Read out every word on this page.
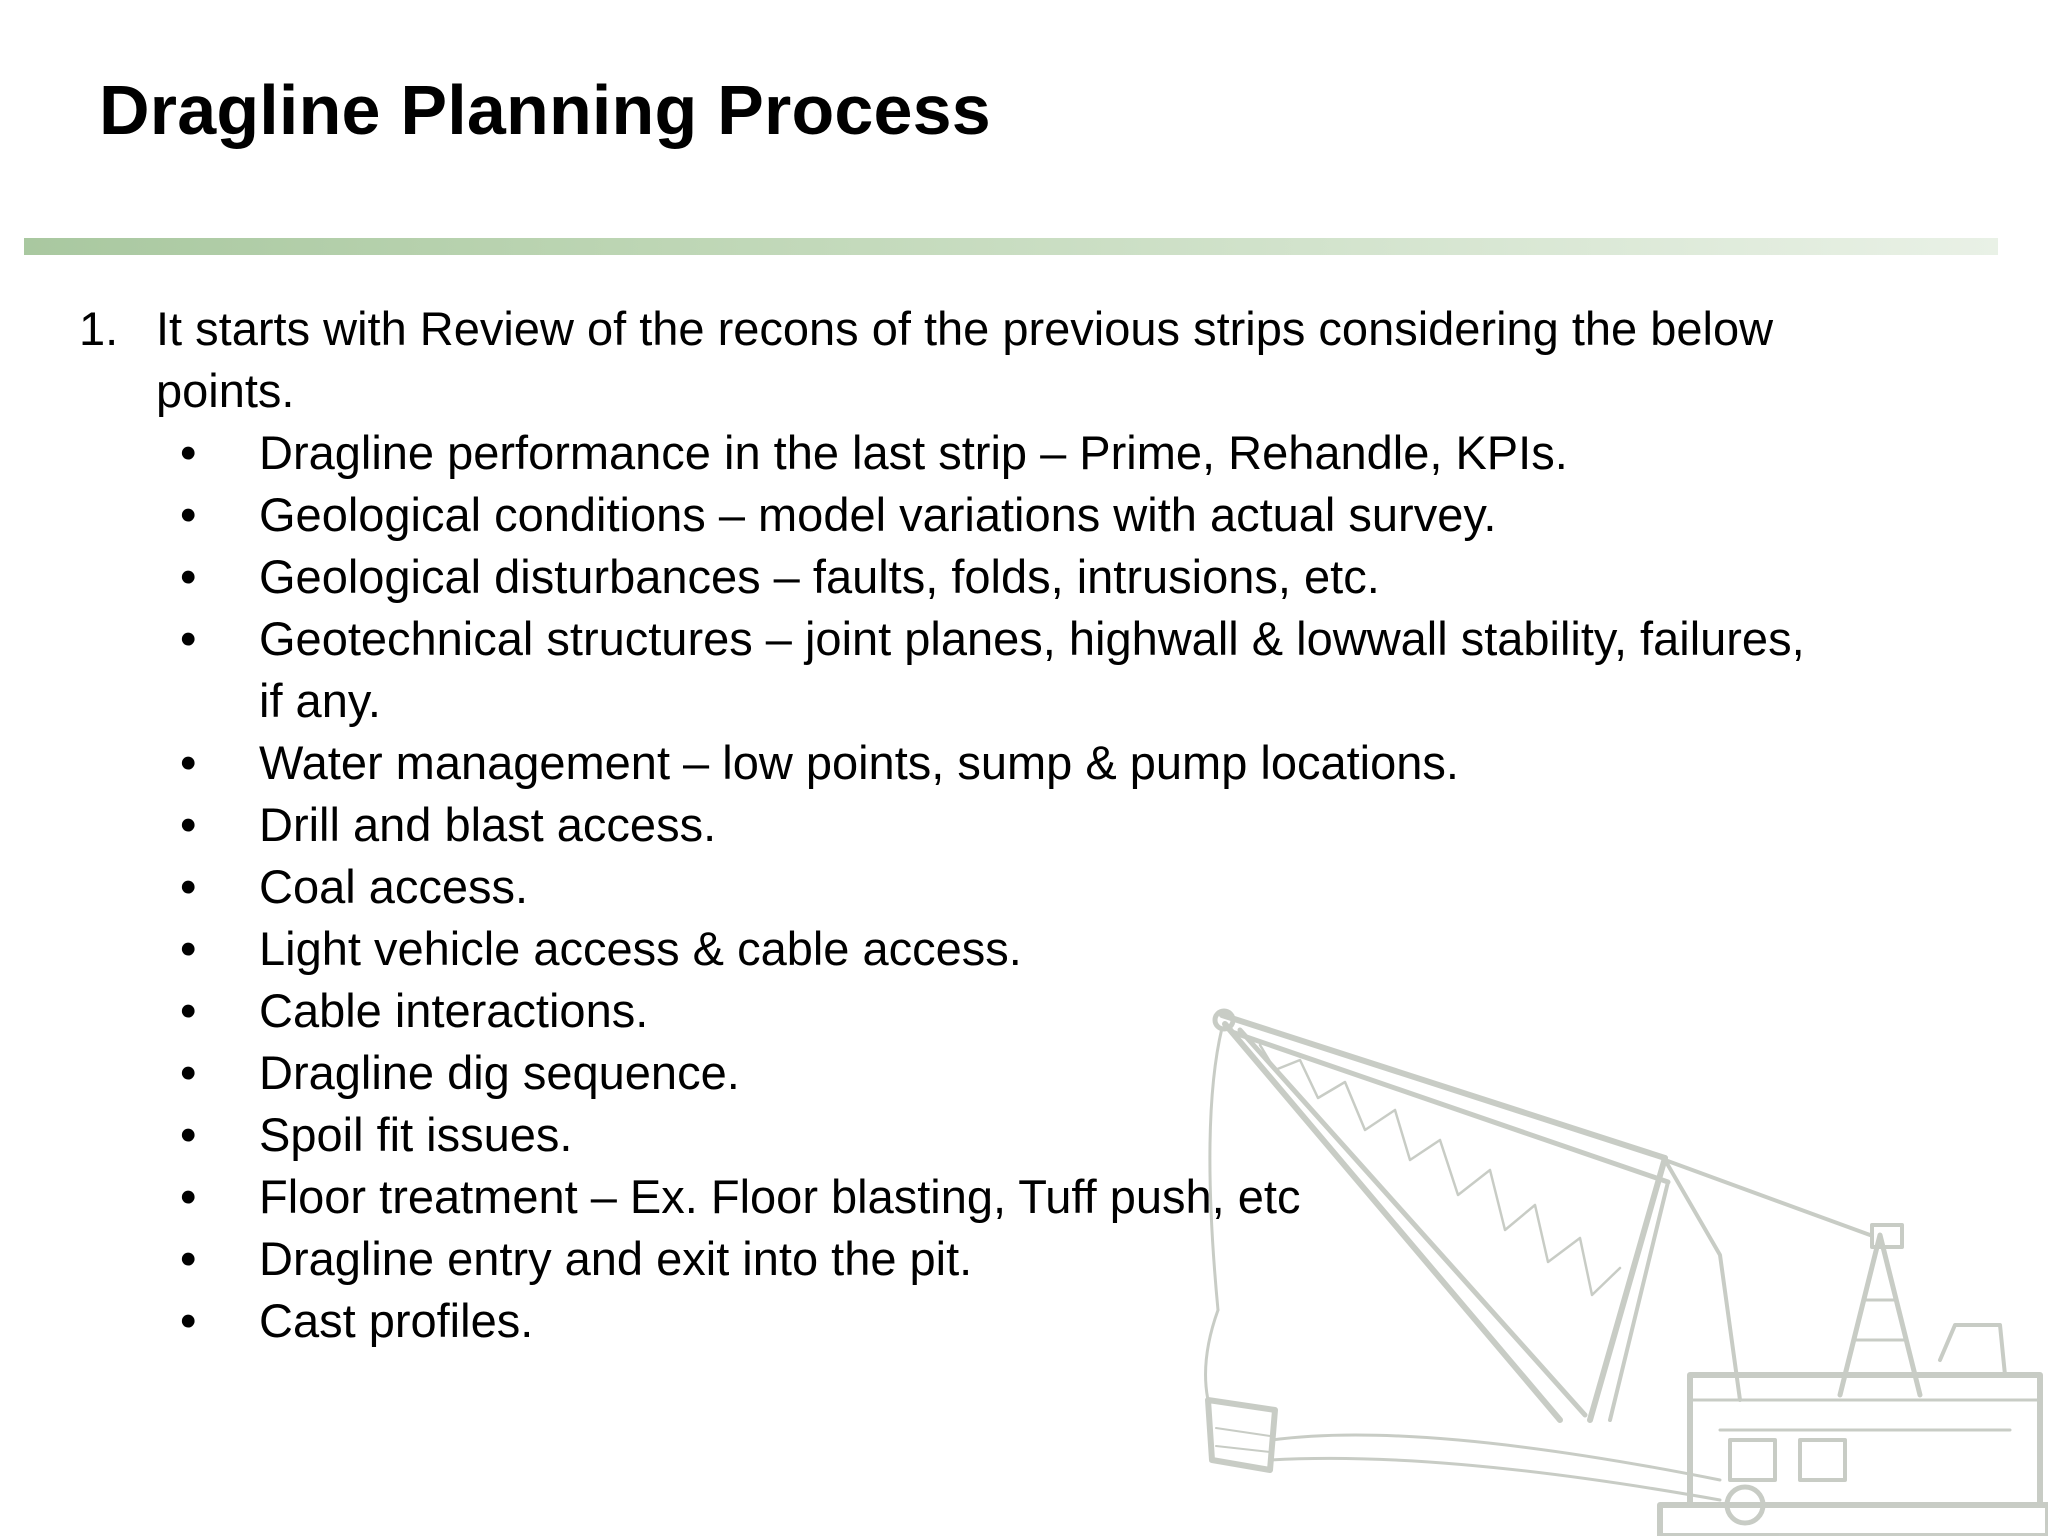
Dragline Planning Process
1. It starts with Review of the recons of the previous strips considering the below points.
• Dragline performance in the last strip – Prime, Rehandle, KPIs.
• Geological conditions – model variations with actual survey.
• Geological disturbances – faults, folds, intrusions, etc.
• Geotechnical structures – joint planes, highwall & lowwall stability, failures, if any.
• Water management – low points, sump & pump locations.
• Drill and blast access.
• Coal access.
• Light vehicle access & cable access.
• Cable interactions.
• Dragline dig sequence.
• Spoil fit issues.
• Floor treatment – Ex. Floor blasting, Tuff push, etc
• Dragline entry and exit into the pit.
• Cast profiles.
